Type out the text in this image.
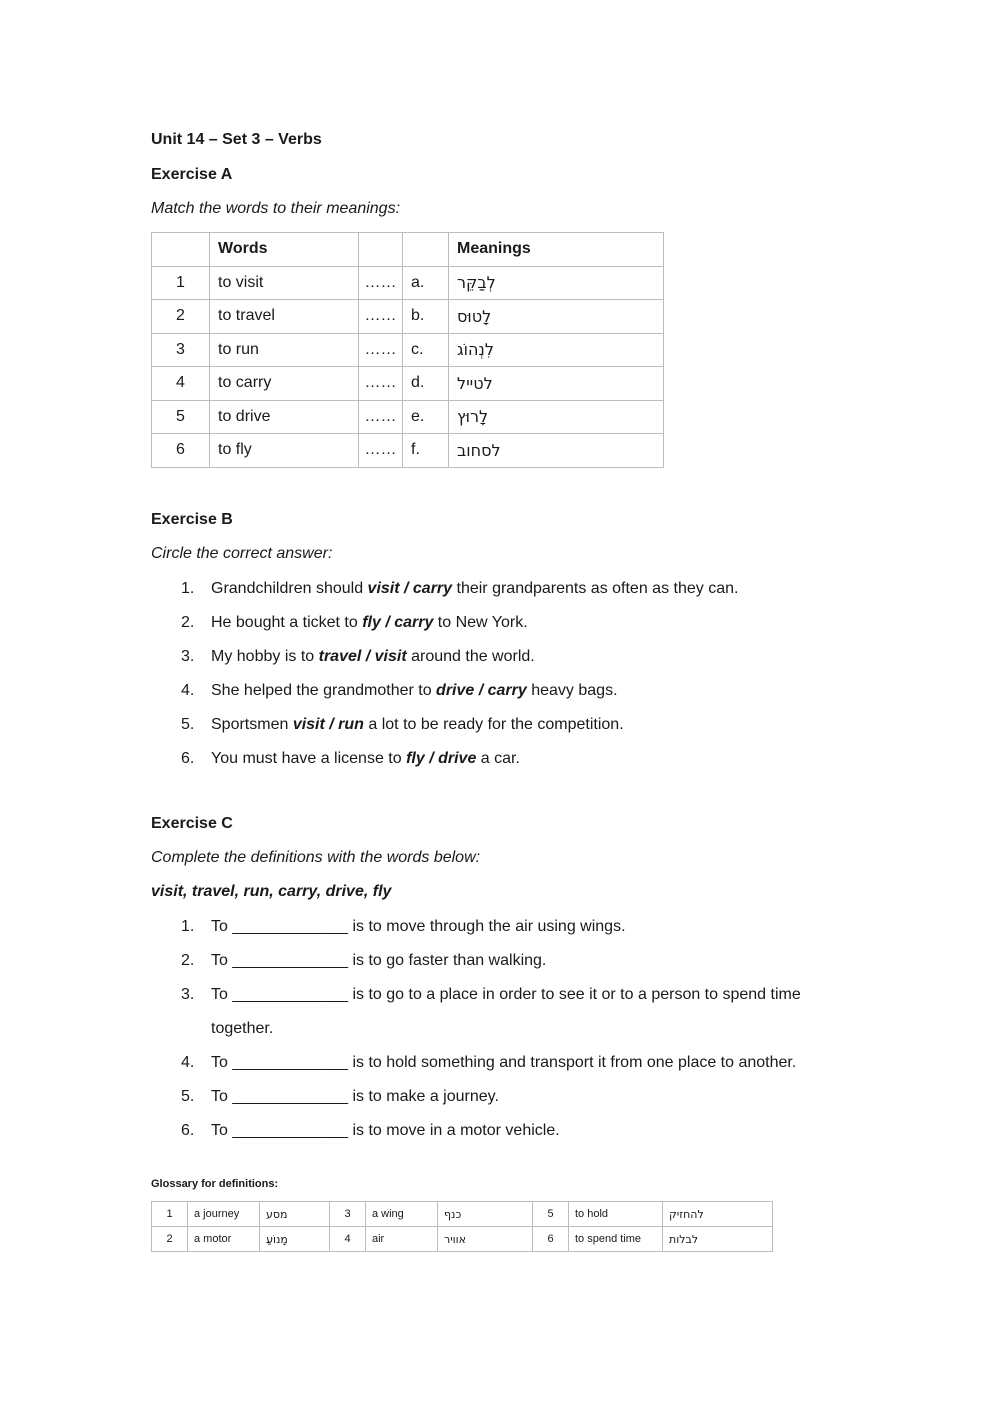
Unit 14 – Set 3 – Verbs
Exercise A
Match the words to their meanings:
	Words			Meanings
1	to visit	……	a.	לְבַקֵּר
2	to travel	……	b.	לָטוּס
3	to run	……	c.	לִנְהוֹג
4	to carry	……	d.	לטייל
5	to drive	……	e.	לָרוּץ
6	to fly	……	f.	לסחוב
Exercise B
Circle the correct answer:
1. Grandchildren should visit / carry their grandparents as often as they can.
2. He bought a ticket to fly / carry to New York.
3. My hobby is to travel / visit around the world.
4. She helped the grandmother to drive / carry heavy bags.
5. Sportsmen visit / run a lot to be ready for the competition.
6. You must have a license to fly / drive a car.
Exercise C
Complete the definitions with the words below:
visit, travel, run, carry, drive, fly
1. To _____________ is to move through the air using wings.
2. To _____________ is to go faster than walking.
3. To _____________ is to go to a place in order to see it or to a person to spend time
together.
4. To _____________ is to hold something and transport it from one place to another.
5. To _____________ is to make a journey.
6. To _____________ is to move in a motor vehicle.
Glossary for definitions:
1	a journey	מסע	3	a wing	כנף	5	to hold	להחזיק
2	a motor	מָנוֹעַ	4	air	אוויר	6	to spend time	לבלות
